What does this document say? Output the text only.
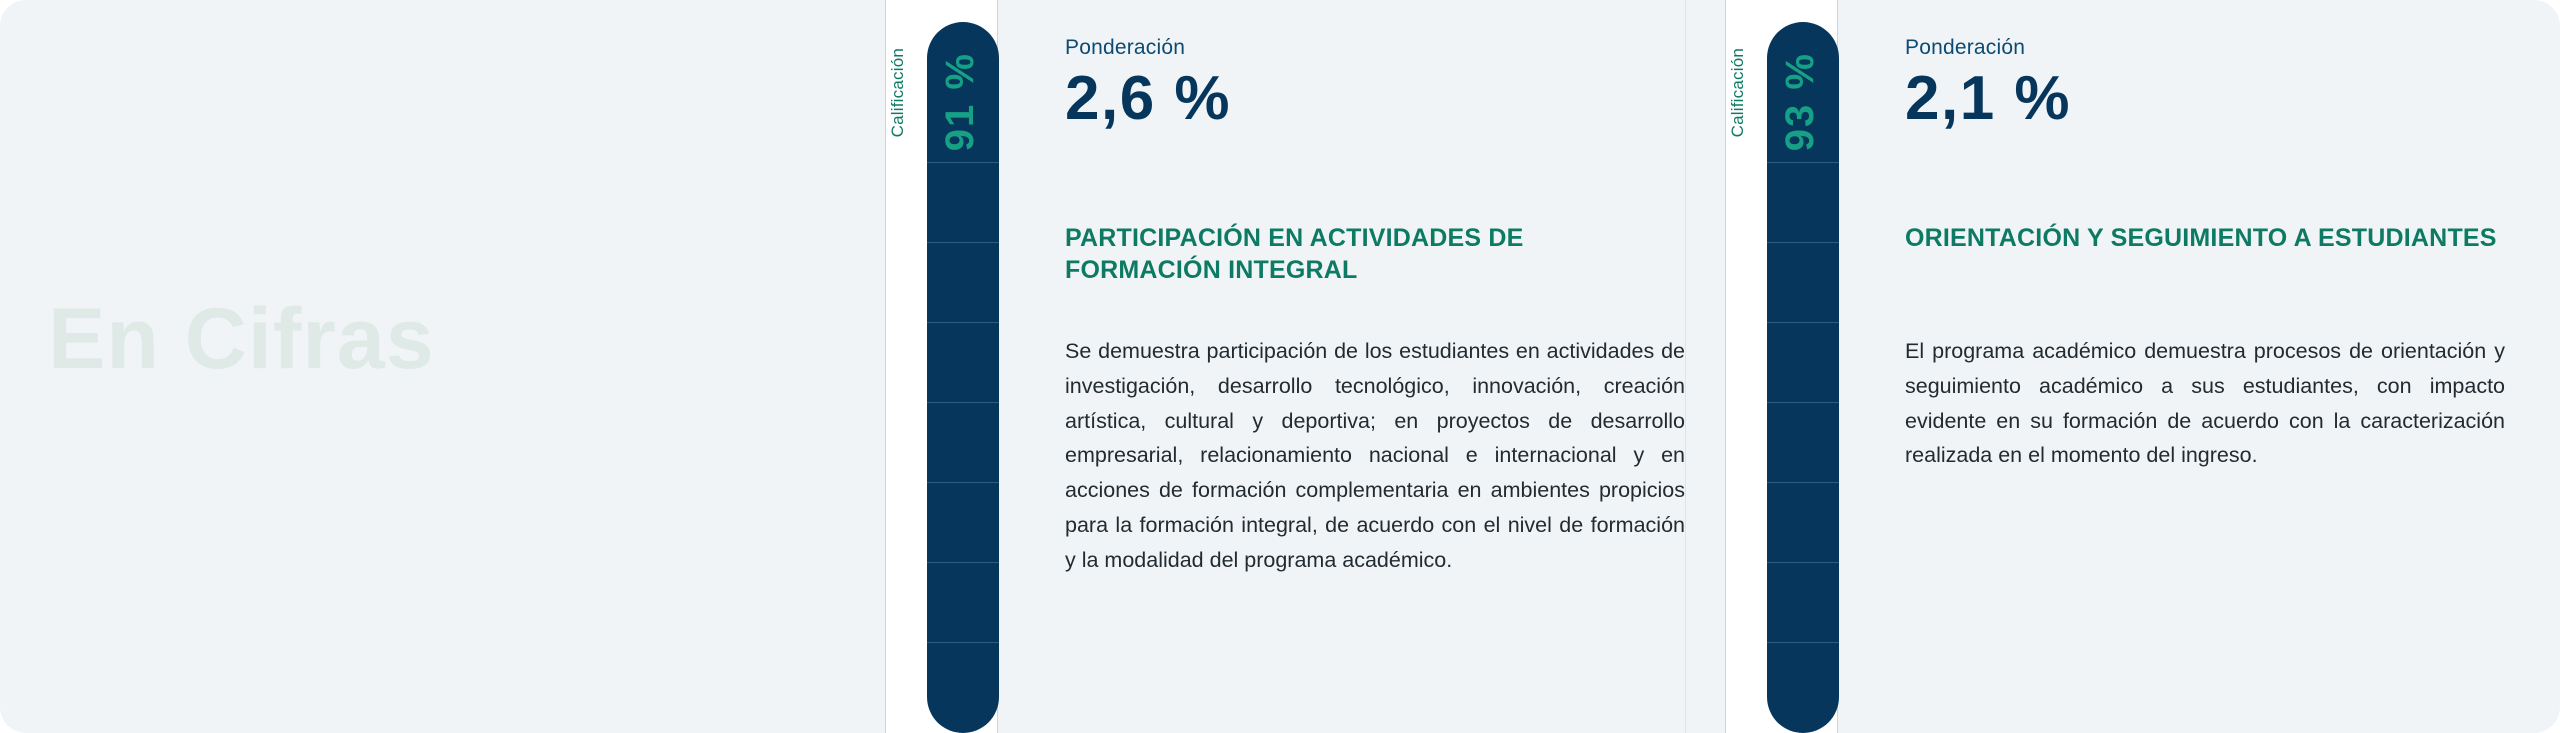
En Cifras
Calificación 91 %
Ponderación
2,6 %
PARTICIPACIÓN EN ACTIVIDADES DE FORMACIÓN INTEGRAL
Se demuestra participación de los estudiantes en actividades de investigación, desarrollo tecnológico, innovación, creación artística, cultural y deportiva; en proyectos de desarrollo empresarial, relacionamiento nacional e internacional y en acciones de formación complementaria en ambientes propicios para la formación integral, de acuerdo con el nivel de formación y la modalidad del programa académico.
Calificación 93 %
Ponderación
2,1 %
ORIENTACIÓN Y SEGUIMIENTO A ESTUDIANTES
El programa académico demuestra procesos de orientación y seguimiento académico a sus estudiantes, con impacto evidente en su formación de acuerdo con la caracterización realizada en el momento del ingreso.
